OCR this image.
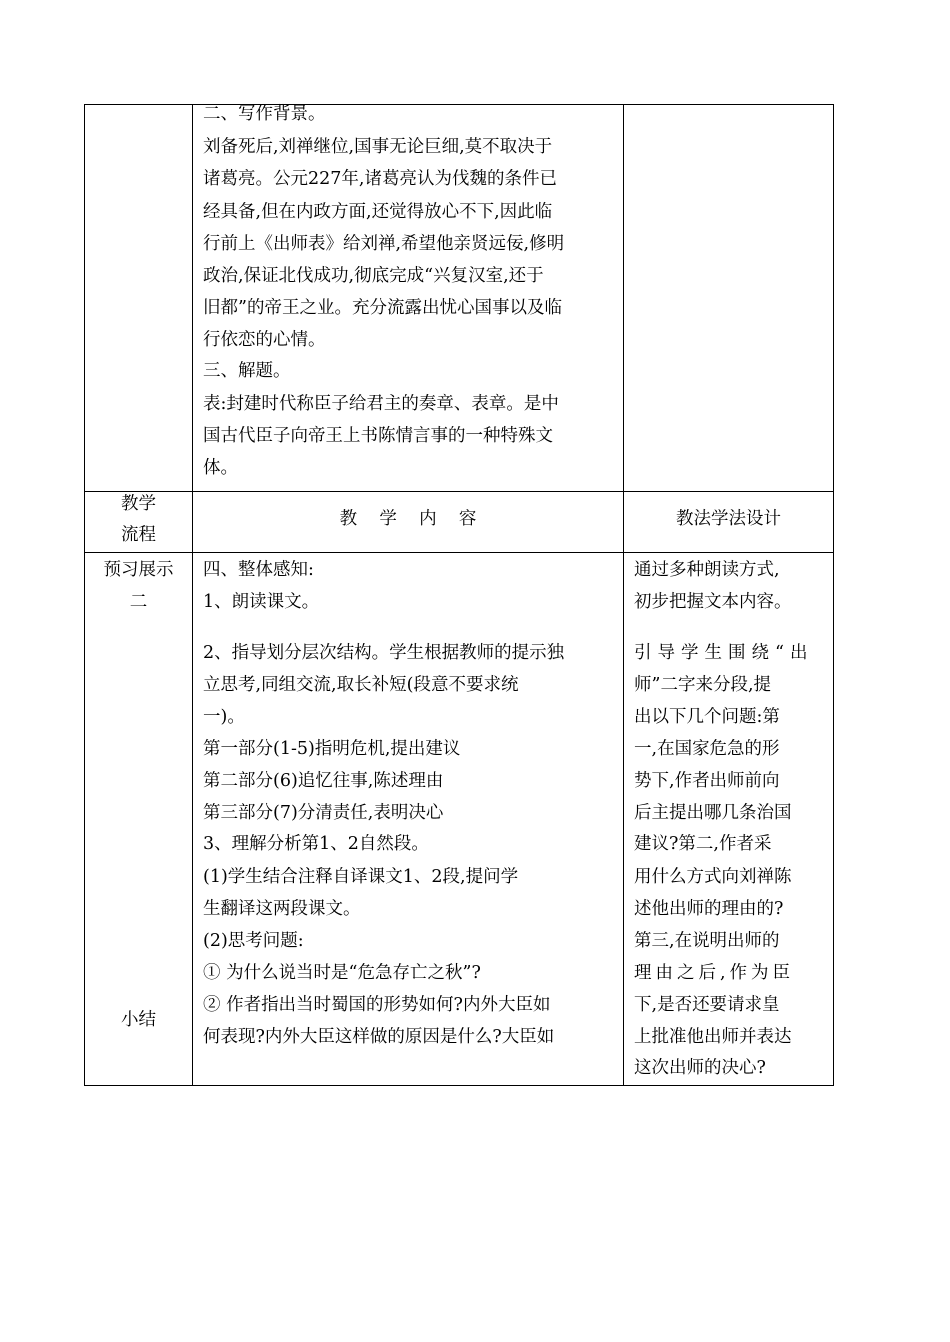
二、写作背景。
刘备死后,刘禅继位,国事无论巨细,莫不取决于
诸葛亮。公元227年,诸葛亮认为伐魏的条件已
经具备,但在内政方面,还觉得放心不下,因此临
行前上《出师表》给刘禅,希望他亲贤远佞,修明
政治,保证北伐成功,彻底完成“兴复汉室,还于
旧都”的帝王之业。充分流露出忧心国事以及临
行依恋的心情。
三、解题。
表:封建时代称臣子给君主的奏章、表章。是中
国古代臣子向帝王上书陈情言事的一种特殊文
体。
教学
流程
教    学    内    容	教法学法设计
预习展示
二
小结
四、整体感知:
1、朗读课文。
2、指导划分层次结构。学生根据教师的提示独
立思考,同组交流,取长补短(段意不要求统
一)。
第一部分(1-5)指明危机,提出建议
第二部分(6)追忆往事,陈述理由
第三部分(7)分清责任,表明决心
3、理解分析第1、2自然段。
(1)学生结合注释自译课文1、2段,提问学
生翻译这两段课文。
(2)思考问题:
① 为什么说当时是“危急存亡之秋”?
② 作者指出当时蜀国的形势如何?内外大臣如
何表现?内外大臣这样做的原因是什么?大臣如
通过多种朗读方式,
初步把握文本内容。
引导学生围绕“出
师”二字来分段,提
出以下几个问题:第
一,在国家危急的形
势下,作者出师前向
后主提出哪几条治国
建议?第二,作者采
用什么方式向刘禅陈
述他出师的理由的?
第三,在说明出师的
理由之后,作为臣
下,是否还要请求皇
上批准他出师并表达
这次出师的决心?
